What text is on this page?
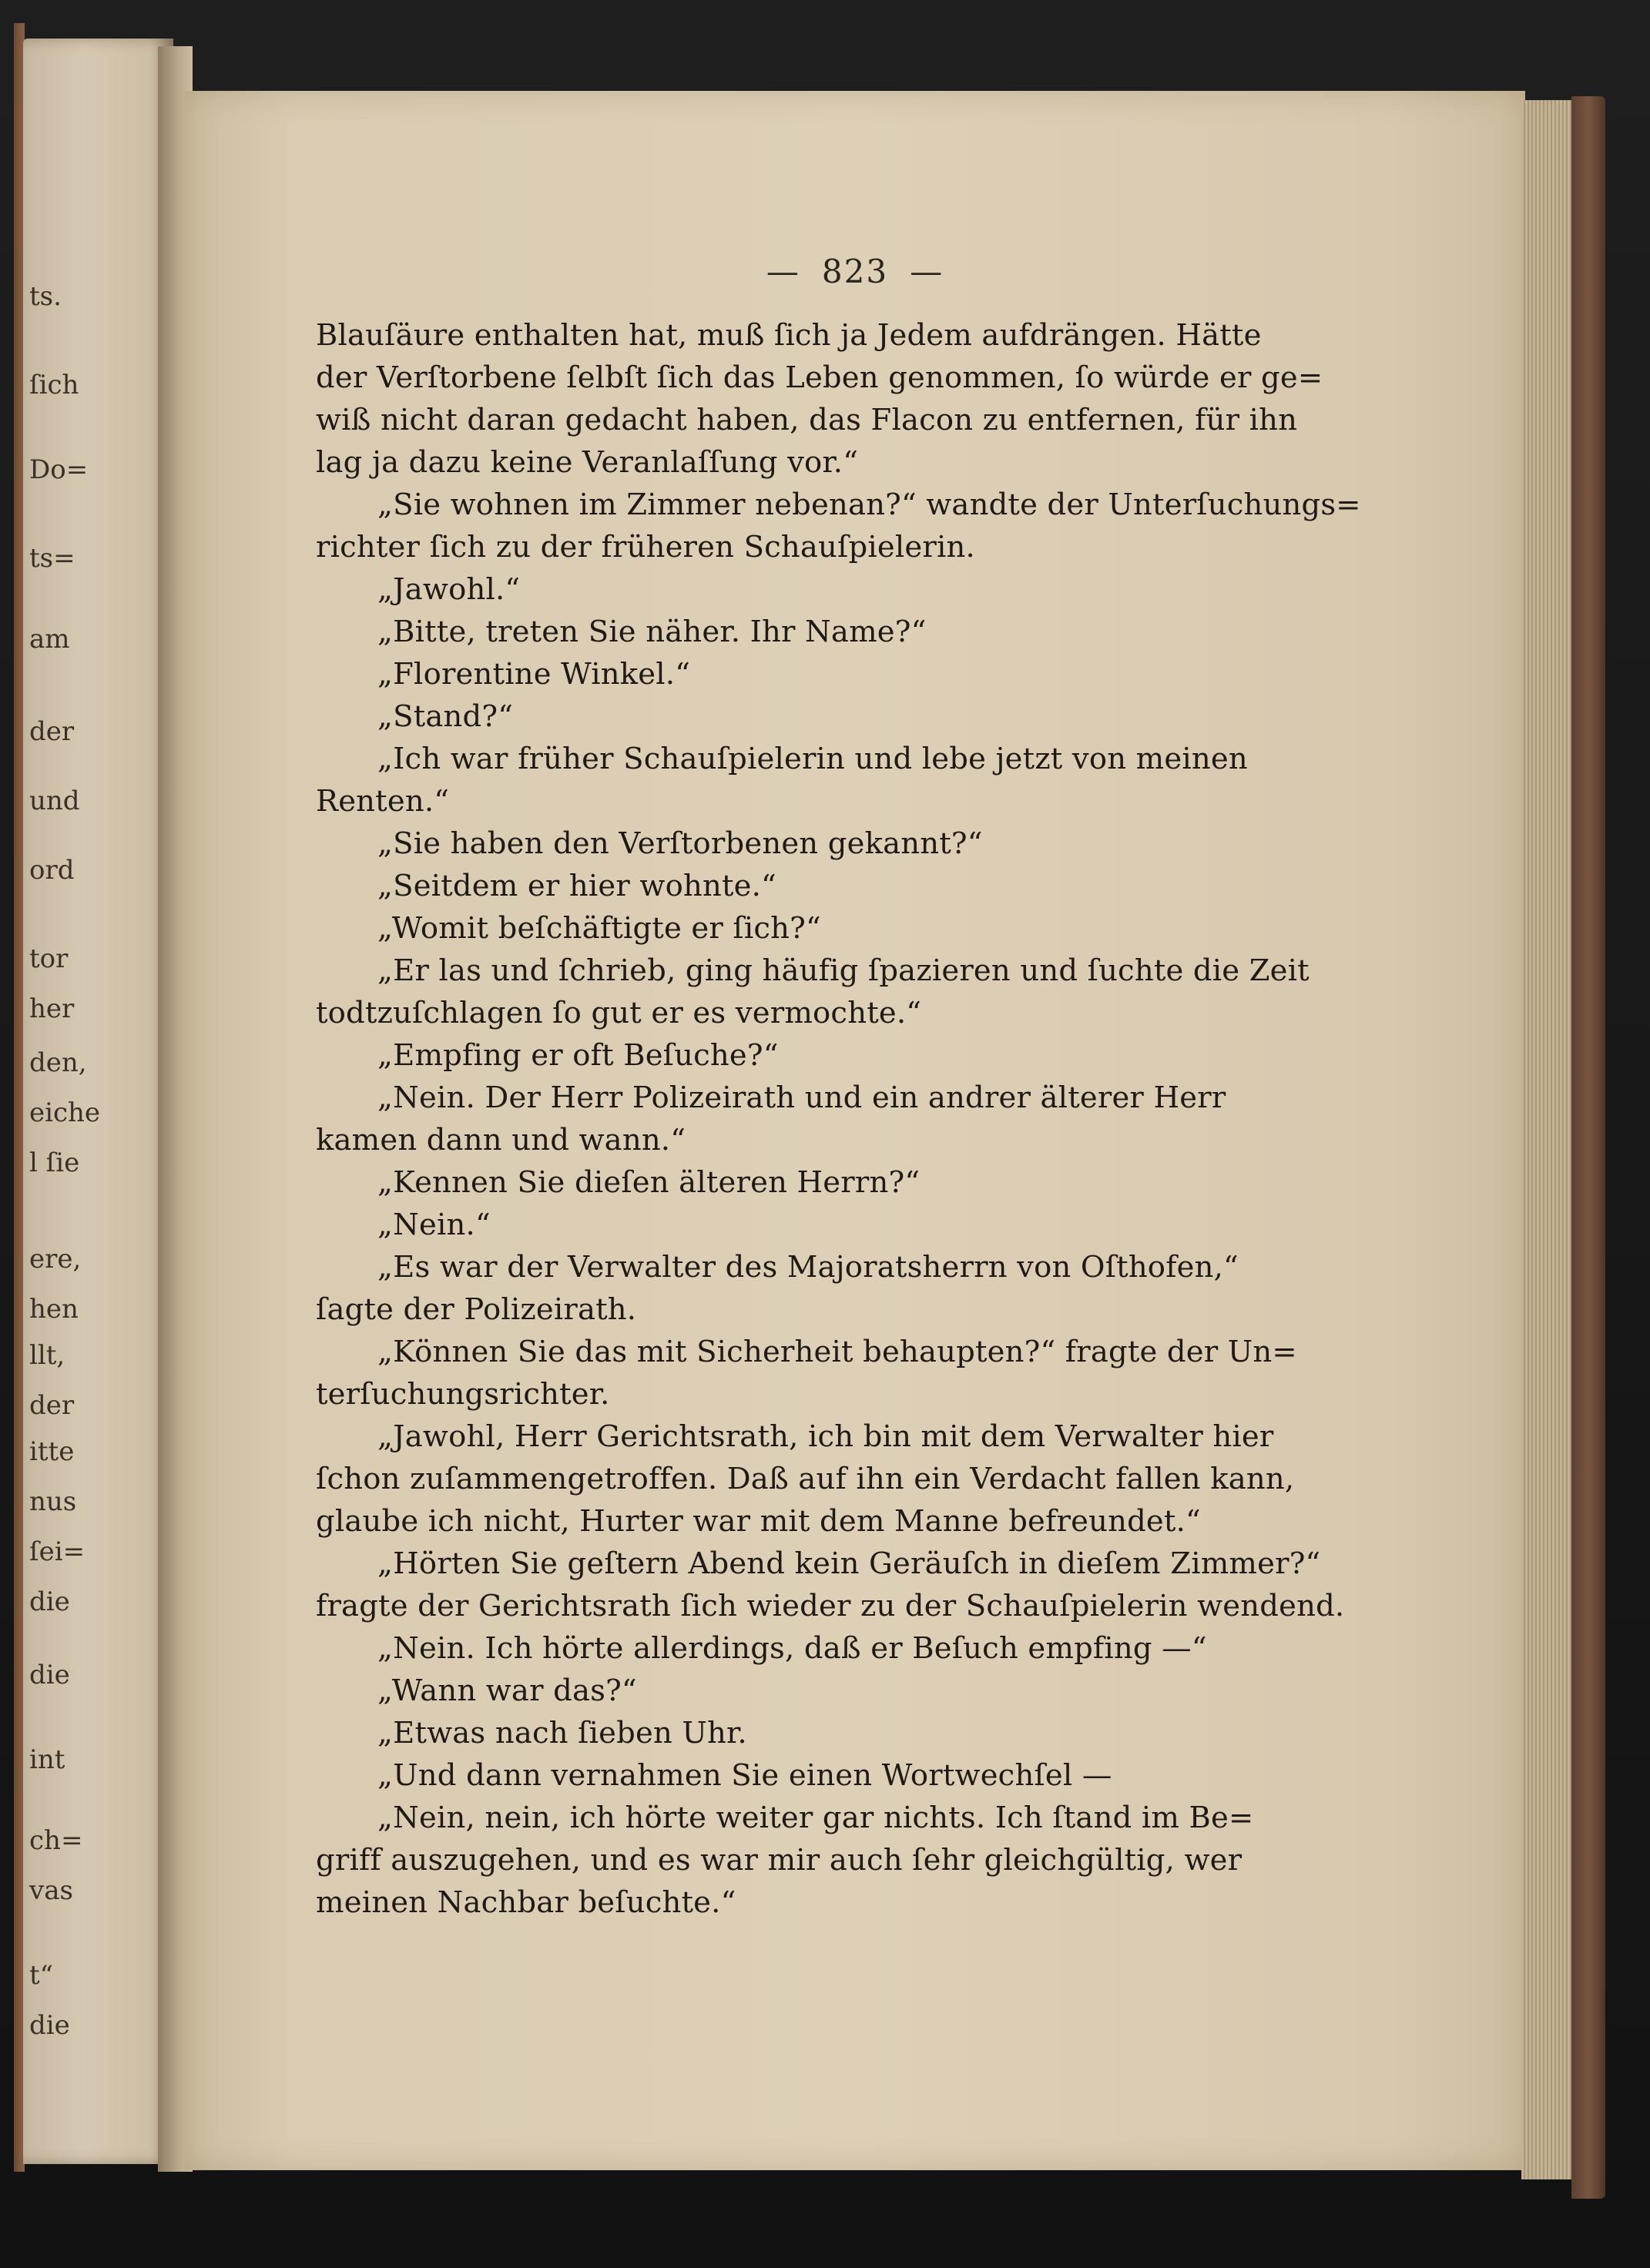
ts.
ſich
Do=
ts=
am
der
und
ord
tor
her
den,
eiche
l ſie
ere,
hen
llt,
der
itte
nus
ſei=
die
die
int
ch=
vas
t“
die

— 823 —

Blauſäure enthalten hat, muß ſich ja Jedem aufdrängen. Hätte
der Verſtorbene ſelbſt ſich das Leben genommen, ſo würde er ge=
wiß nicht daran gedacht haben, das Flacon zu entfernen, für ihn
lag ja dazu keine Veranlaſſung vor.“
„Sie wohnen im Zimmer nebenan?“ wandte der Unterſuchungs=
richter ſich zu der früheren Schauſpielerin.
„Jawohl.“
„Bitte, treten Sie näher. Ihr Name?“
„Florentine Winkel.“
„Stand?“
„Ich war früher Schauſpielerin und lebe jetzt von meinen
Renten.“
„Sie haben den Verſtorbenen gekannt?“
„Seitdem er hier wohnte.“
„Womit beſchäftigte er ſich?“
„Er las und ſchrieb, ging häufig ſpazieren und ſuchte die Zeit
todtzuſchlagen ſo gut er es vermochte.“
„Empfing er oft Beſuche?“
„Nein. Der Herr Polizeirath und ein andrer älterer Herr
kamen dann und wann.“
„Kennen Sie dieſen älteren Herrn?“
„Nein.“
„Es war der Verwalter des Majoratsherrn von Oſthofen,“
ſagte der Polizeirath.
„Können Sie das mit Sicherheit behaupten?“ fragte der Un=
terſuchungsrichter.
„Jawohl, Herr Gerichtsrath, ich bin mit dem Verwalter hier
ſchon zuſammengetroffen. Daß auf ihn ein Verdacht fallen kann,
glaube ich nicht, Hurter war mit dem Manne befreundet.“
„Hörten Sie geſtern Abend kein Geräuſch in dieſem Zimmer?“
fragte der Gerichtsrath ſich wieder zu der Schauſpielerin wendend.
„Nein. Ich hörte allerdings, daß er Beſuch empfing —“
„Wann war das?“
„Etwas nach ſieben Uhr.
„Und dann vernahmen Sie einen Wortwechſel —
„Nein, nein, ich hörte weiter gar nichts. Ich ſtand im Be=
griff auszugehen, und es war mir auch ſehr gleichgültig, wer
meinen Nachbar beſuchte.“
